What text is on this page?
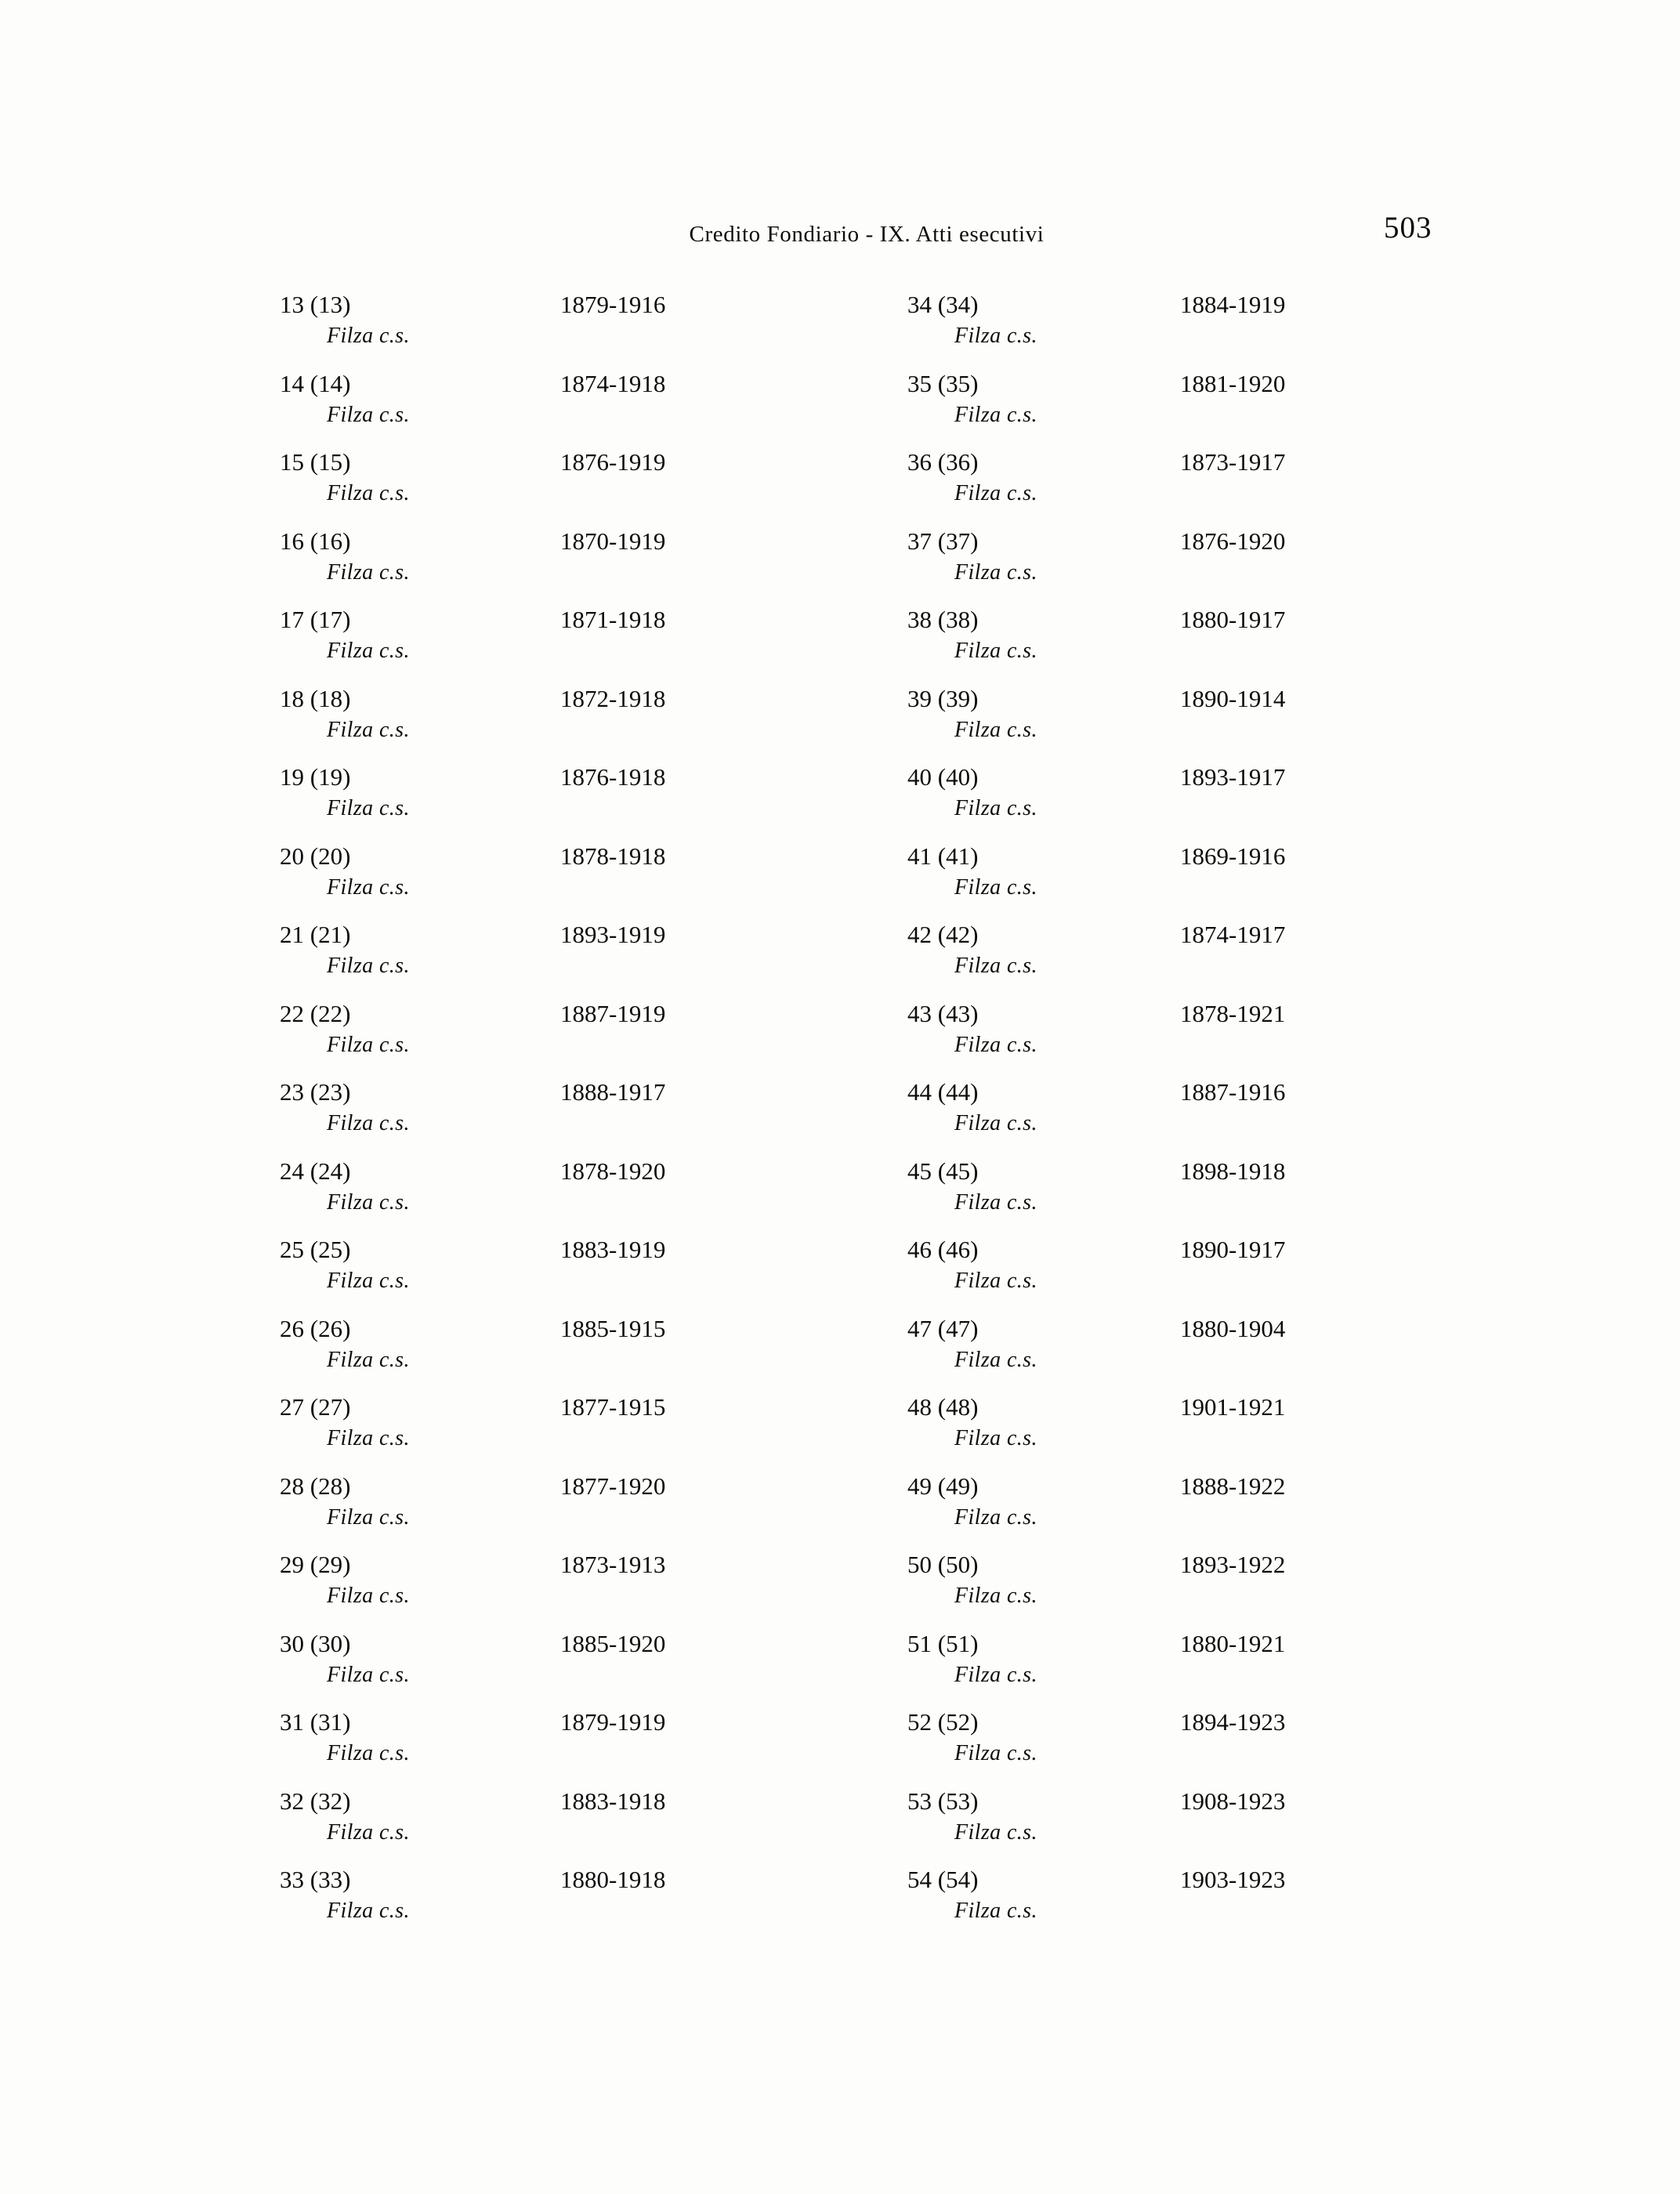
Credito Fondiario - IX. Atti esecutivi	503
13 (13)	1879-1916
Filza c.s.
14 (14)	1874-1918
Filza c.s.
15 (15)	1876-1919
Filza c.s.
16 (16)	1870-1919
Filza c.s.
17 (17)	1871-1918
Filza c.s.
18 (18)	1872-1918
Filza c.s.
19 (19)	1876-1918
Filza c.s.
20 (20)	1878-1918
Filza c.s.
21 (21)	1893-1919
Filza c.s.
22 (22)	1887-1919
Filza c.s.
23 (23)	1888-1917
Filza c.s.
24 (24)	1878-1920
Filza c.s.
25 (25)	1883-1919
Filza c.s.
26 (26)	1885-1915
Filza c.s.
27 (27)	1877-1915
Filza c.s.
28 (28)	1877-1920
Filza c.s.
29 (29)	1873-1913
Filza c.s.
30 (30)	1885-1920
Filza c.s.
31 (31)	1879-1919
Filza c.s.
32 (32)	1883-1918
Filza c.s.
33 (33)	1880-1918
Filza c.s.
34 (34)	1884-1919
Filza c.s.
35 (35)	1881-1920
Filza c.s.
36 (36)	1873-1917
Filza c.s.
37 (37)	1876-1920
Filza c.s.
38 (38)	1880-1917
Filza c.s.
39 (39)	1890-1914
Filza c.s.
40 (40)	1893-1917
Filza c.s.
41 (41)	1869-1916
Filza c.s.
42 (42)	1874-1917
Filza c.s.
43 (43)	1878-1921
Filza c.s.
44 (44)	1887-1916
Filza c.s.
45 (45)	1898-1918
Filza c.s.
46 (46)	1890-1917
Filza c.s.
47 (47)	1880-1904
Filza c.s.
48 (48)	1901-1921
Filza c.s.
49 (49)	1888-1922
Filza c.s.
50 (50)	1893-1922
Filza c.s.
51 (51)	1880-1921
Filza c.s.
52 (52)	1894-1923
Filza c.s.
53 (53)	1908-1923
Filza c.s.
54 (54)	1903-1923
Filza c.s.
